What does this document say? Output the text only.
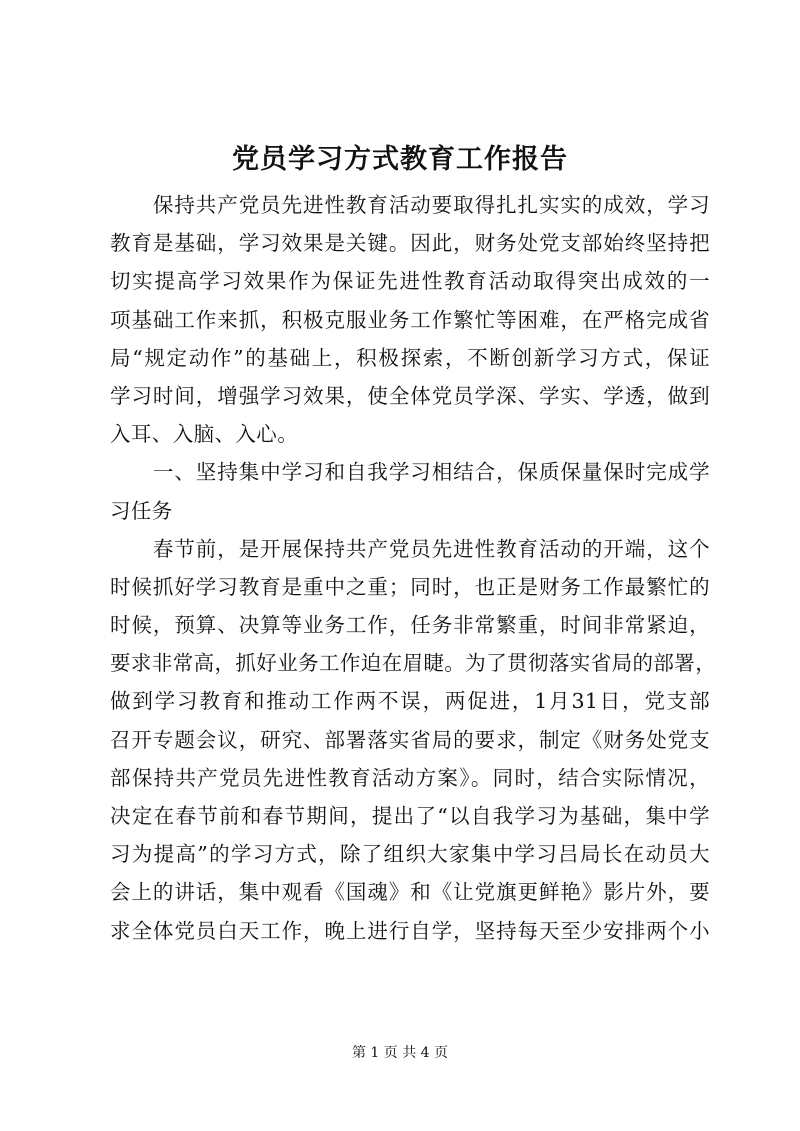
党员学习方式教育工作报告
　　保持共产党员先进性教育活动要取得扎扎实实的成效，学习
教育是基础，学习效果是关键。因此，财务处党支部始终坚持把
切实提高学习效果作为保证先进性教育活动取得突出成效的一
项基础工作来抓，积极克服业务工作繁忙等困难，在严格完成省
局“规定动作”的基础上，积极探索，不断创新学习方式，保证
学习时间，增强学习效果，使全体党员学深、学实、学透，做到
入耳、入脑、入心。
　　一、坚持集中学习和自我学习相结合，保质保量保时完成学
习任务
　　春节前，是开展保持共产党员先进性教育活动的开端，这个
时候抓好学习教育是重中之重；同时，也正是财务工作最繁忙的
时候，预算、决算等业务工作，任务非常繁重，时间非常紧迫，
要求非常高，抓好业务工作迫在眉睫。为了贯彻落实省局的部署，
做到学习教育和推动工作两不误，两促进，1月31日，党支部
召开专题会议，研究、部署落实省局的要求，制定《财务处党支
部保持共产党员先进性教育活动方案》。同时，结合实际情况，
决定在春节前和春节期间，提出了“以自我学习为基础，集中学
习为提高”的学习方式，除了组织大家集中学习吕局长在动员大
会上的讲话，集中观看《国魂》和《让党旗更鲜艳》影片外，要
求全体党员白天工作，晚上进行自学，坚持每天至少安排两个小
第 1 页 共 4 页
